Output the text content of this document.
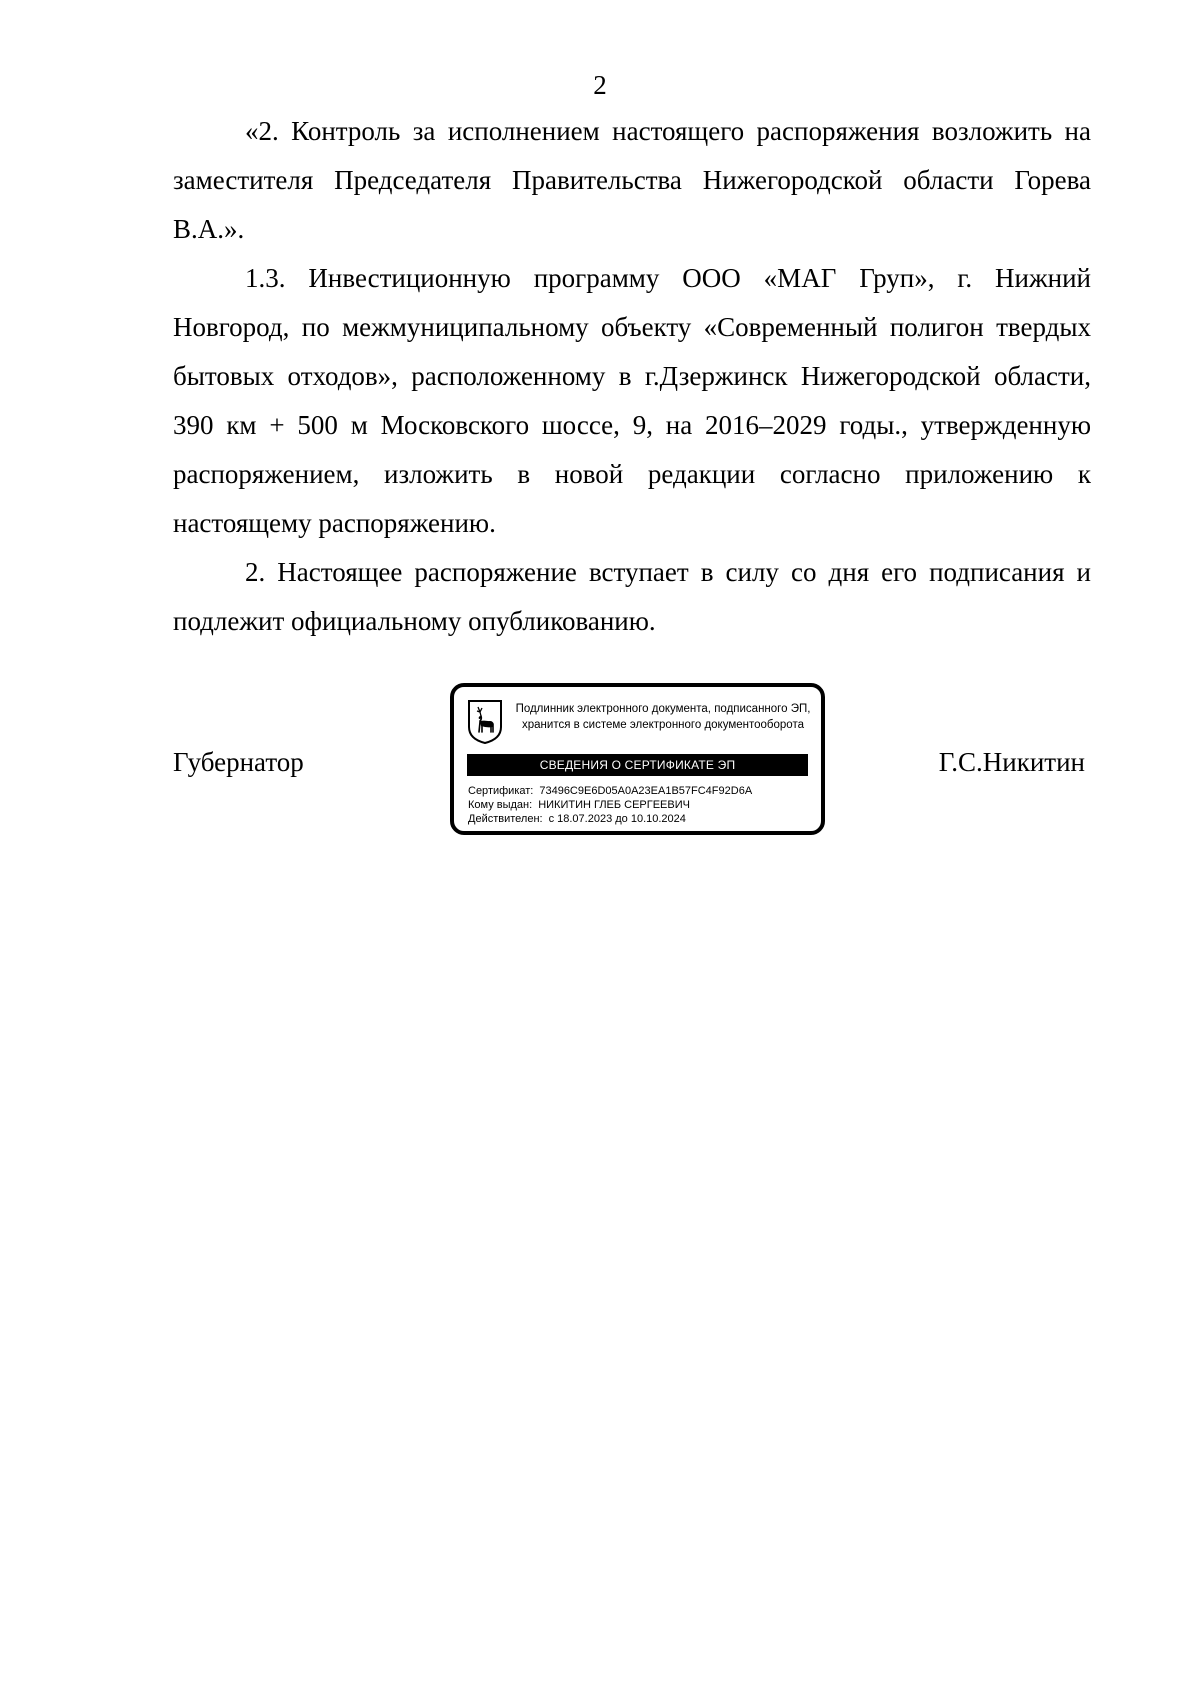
2

«2. Контроль за исполнением настоящего распоряжения возложить на заместителя Председателя Правительства Нижегородской области Горева В.А.».

1.3. Инвестиционную программу ООО «МАГ Груп», г. Нижний Новгород, по межмуниципальному объекту «Современный полигон твердых бытовых отходов», расположенному в г.Дзержинск Нижегородской области, 390 км + 500 м Московского шоссе, 9, на 2016–2029 годы., утвержденную распоряжением, изложить в новой редакции согласно приложению к настоящему распоряжению.

2. Настоящее распоряжение вступает в силу со дня его подписания и подлежит официальному опубликованию.

Губернатор
Подлинник электронного документа, подписанного ЭП,
хранится в системе электронного документооборота
СВЕДЕНИЯ О СЕРТИФИКАТЕ ЭП
Сертификат: 73496C9E6D05A0A23EA1B57FC4F92D6A
Кому выдан: НИКИТИН ГЛЕБ СЕРГЕЕВИЧ
Действителен: с 18.07.2023 до 10.10.2024
Г.С.Никитин
